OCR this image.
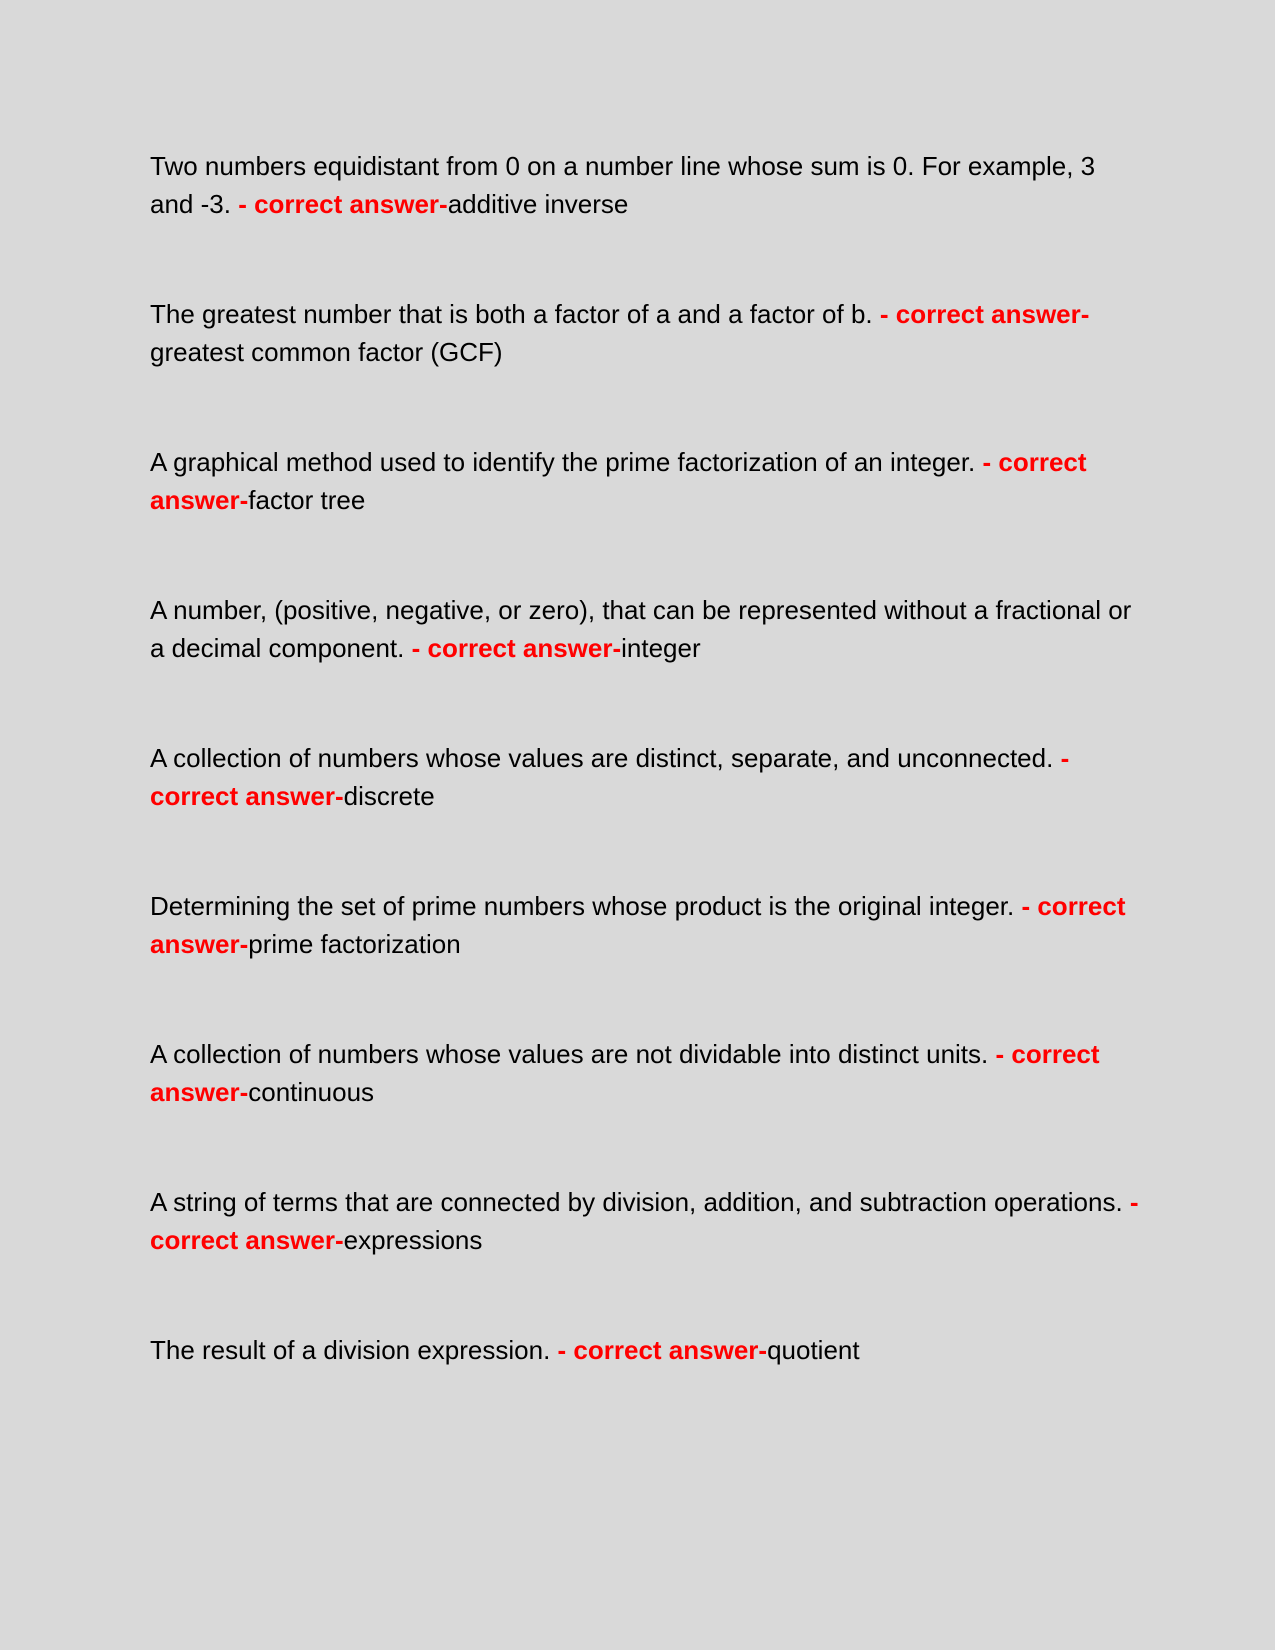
Two numbers equidistant from 0 on a number line whose sum is 0. For example, 3 and -3. - correct answer-additive inverse

The greatest number that is both a factor of a and a factor of b. - correct answer-greatest common factor (GCF)

A graphical method used to identify the prime factorization of an integer. - correct answer-factor tree

A number, (positive, negative, or zero), that can be represented without a fractional or a decimal component. - correct answer-integer

A collection of numbers whose values are distinct, separate, and unconnected. - correct answer-discrete

Determining the set of prime numbers whose product is the original integer. - correct answer-prime factorization

A collection of numbers whose values are not dividable into distinct units. - correct answer-continuous

A string of terms that are connected by division, addition, and subtraction operations. - correct answer-expressions

The result of a division expression. - correct answer-quotient
